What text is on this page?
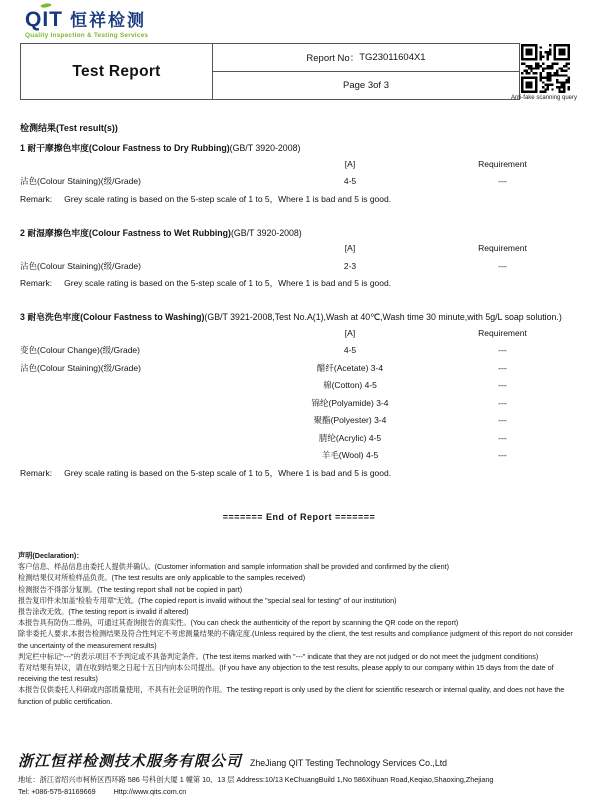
QIT 恒祥检测
Quality Inspection & Testing Services
Test Report
Report No： TG23011604X1
Page 3of 3
Anti-fake scanning query
检测结果(Test result(s))
1 耐干摩擦色牢度(Colour Fastness to Dry Rubbing)(GB/T 3920-2008)
[A]	Requirement
沾色(Colour Staining)(级/Grade)	4-5	---
Remark: Grey scale rating is based on the 5-step scale of 1 to 5，Where 1 is bad and 5 is good.
2 耐湿摩擦色牢度(Colour Fastness to Wet Rubbing)(GB/T 3920-2008)
[A]	Requirement
沾色(Colour Staining)(级/Grade)	2-3	---
Remark: Grey scale rating is based on the 5-step scale of 1 to 5，Where 1 is bad and 5 is good.
3 耐皂洗色牢度(Colour Fastness to Washing)(GB/T 3921-2008,Test No.A(1),Wash at 40℃,Wash time 30 minute,with 5g/L soap solution.)
[A]	Requirement
变色(Colour Change)(级/Grade)	4-5	---
沾色(Colour Staining)(级/Grade)	醋纤(Acetate) 3-4	---
棉(Cotton) 4-5	---
锦纶(Polyamide) 3-4	---
聚酯(Polyester) 3-4	---
腈纶(Acrylic) 4-5	---
羊毛(Wool) 4-5	---
Remark: Grey scale rating is based on the 5-step scale of 1 to 5，Where 1 is bad and 5 is good.
======= End of Report =======
声明(Declaration)：
客户信息、样品信息由委托人提供并确认。(Customer information and sample information shall be provided and confirmed by the client)
检测结果仅对所检样品负责。(The test results are only applicable to the samples received)
检测报告不得部分复制。(The testing report shall not be copied in part)
报告复印件未加盖"检验专用章"无效。(The copied report is invalid without the "special seal for testing" of our institution)
报告涂改无效。(The testing report is invalid if altered)
本报告具有防伪二维码，可通过其查询报告的真实性。(You can check the authenticity of the report by scanning the QR code on the report)
除非委托人要求,本报告检测结果及符合性判定不考虑测量结果的不确定度.(Unless required by the client, the test results and compliance judgment of this report do not consider the uncertainty of the measurement results)
判定栏中标记"---"的表示项目不予判定或不具备判定条件。(The test items marked with "---" indicate that they are not judged or do not meet the judgment conditions)
若对结果有异议，请在收到结果之日起十五日内向本公司提出。(If you have any objection to the test results, please apply to our company within 15 days from the date of receiving the test results)
本报告仅供委托人科研或内部质量使用，不具有社会证明的作用。The testing report is only used by the client for scientific research or internal quality, and does not have the function of public certification.
浙江恒祥检测技术服务有限公司 ZheJiang QIT Testing Technology Services Co.,Ltd
地址：浙江省绍兴市柯桥区西环路 586 号科创大厦 1 幢第 10、13 层 Address:10/13 KeChuangBuild 1,No 586Xihuan Road,Keqiao,Shaoxing,Zhejiang
Tel: +086-575-81169669	Http://www.qits.com.cn
